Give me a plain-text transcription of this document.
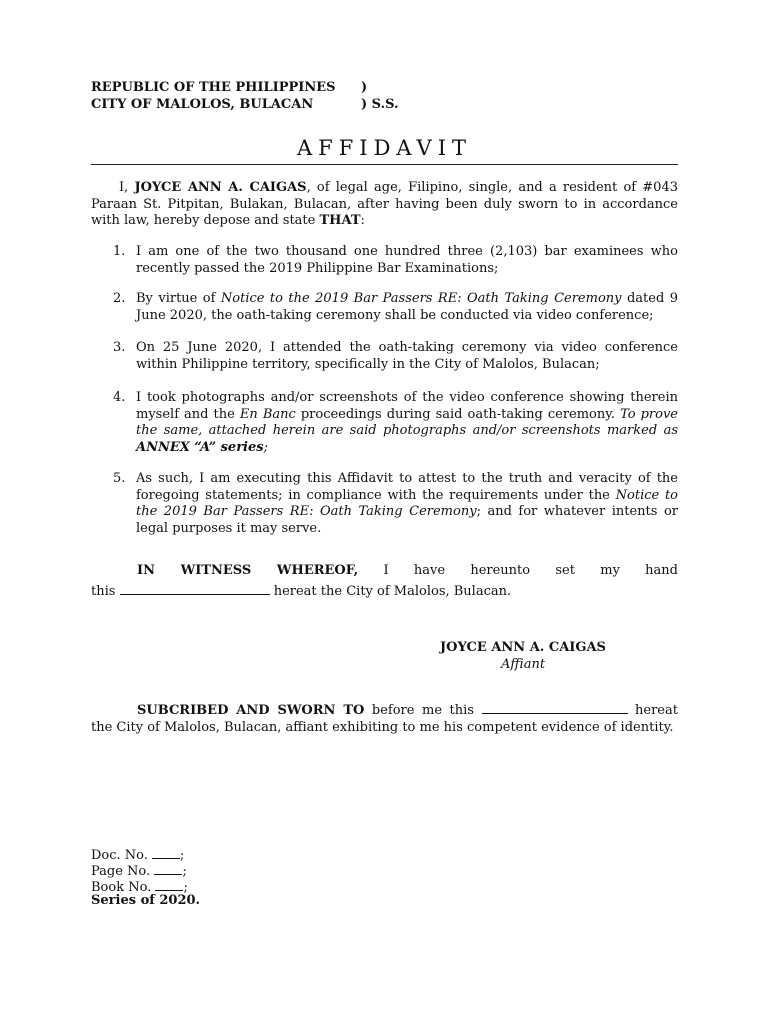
REPUBLIC OF THE PHILIPPINES )
CITY OF MALOLOS, BULACAN	) S.S.
AFFIDAVIT
I, JOYCE ANN A. CAIGAS, of legal age, Filipino, single, and a resident of #043 Paraan St. Pitpitan, Bulakan, Bulacan, after having been duly sworn to in accordance with law, hereby depose and state THAT:
1. I am one of the two thousand one hundred three (2,103) bar examinees who recently passed the 2019 Philippine Bar Examinations;
2. By virtue of Notice to the 2019 Bar Passers RE: Oath Taking Ceremony dated 9 June 2020, the oath-taking ceremony shall be conducted via video conference;
3. On 25 June 2020, I attended the oath-taking ceremony via video conference within Philippine territory, specifically in the City of Malolos, Bulacan;
4. I took photographs and/or screenshots of the video conference showing therein myself and the En Banc proceedings during said oath-taking ceremony. To prove the same, attached herein are said photographs and/or screenshots marked as ANNEX “A” series;
5. As such, I am executing this Affidavit to attest to the truth and veracity of the foregoing statements; in compliance with the requirements under the Notice to the 2019 Bar Passers RE: Oath Taking Ceremony; and for whatever intents or legal purposes it may serve.
IN WITNESS WHEREOF, I have hereunto set my hand
this	hereat the City of Malolos, Bulacan.
JOYCE ANN A. CAIGAS
Affiant
SUBCRIBED AND SWORN TO before me this	hereat
the City of Malolos, Bulacan, affiant exhibiting to me his competent evidence of identity.
Doc. No. ;
Page No. ;
Book No. ;
Series of 2020.
